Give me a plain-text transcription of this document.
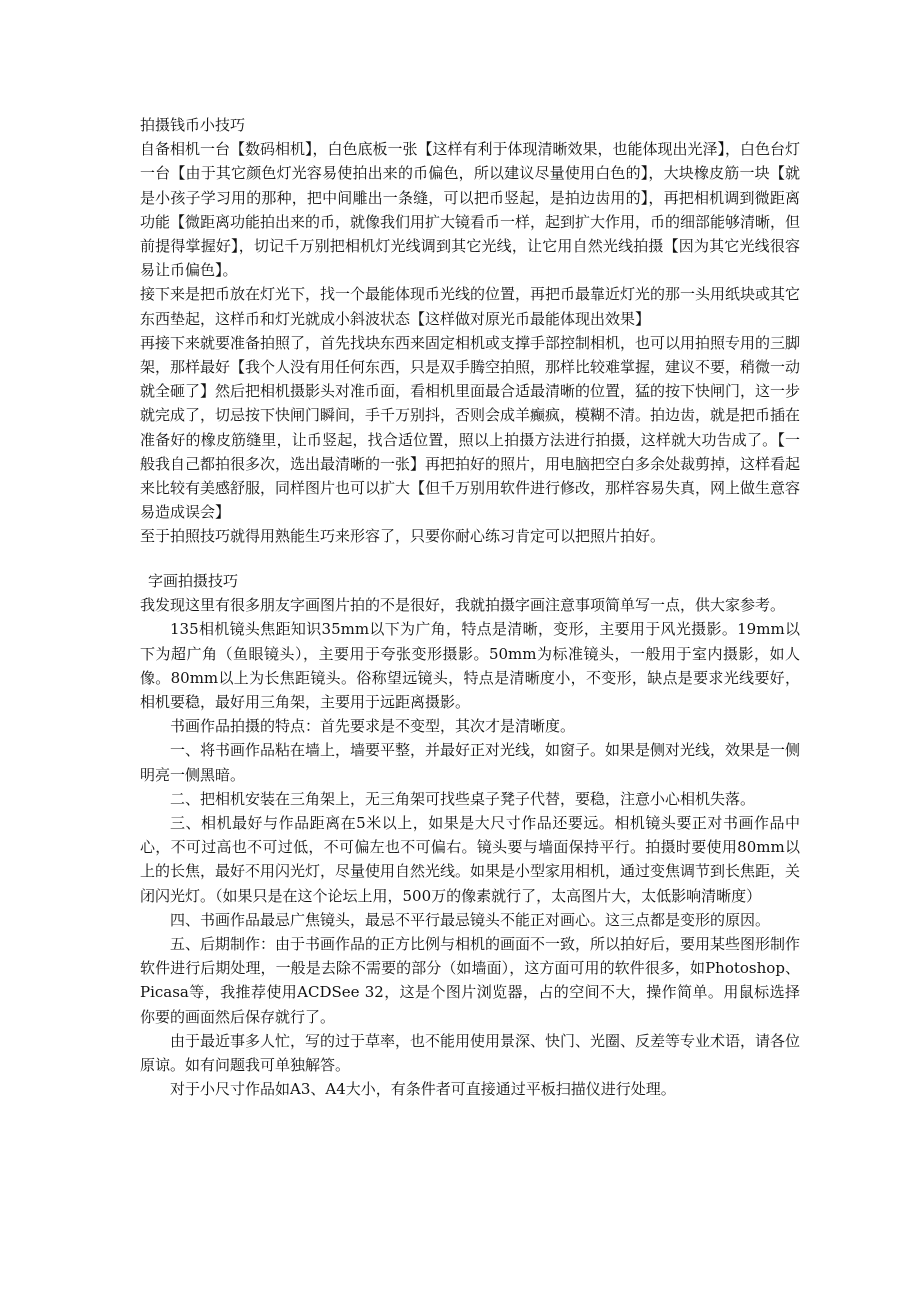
拍摄钱币小技巧

自备相机一台【数码相机】，白色底板一张【这样有利于体现清晰效果，也能体现出光泽】，白色台灯一台【由于其它颜色灯光容易使拍出来的币偏色，所以建议尽量使用白色的】，大块橡皮筋一块【就是小孩子学习用的那种，把中间雕出一条缝，可以把币竖起，是拍边齿用的】，再把相机调到微距离功能【微距离功能拍出来的币，就像我们用扩大镜看币一样，起到扩大作用，币的细部能够清晰，但前提得掌握好】，切记千万别把相机灯光线调到其它光线，让它用自然光线拍摄【因为其它光线很容易让币偏色】。

接下来是把币放在灯光下，找一个最能体现币光线的位置，再把币最靠近灯光的那一头用纸块或其它东西垫起，这样币和灯光就成小斜波状态【这样做对原光币最能体现出效果】

再接下来就要准备拍照了，首先找块东西来固定相机或支撑手部控制相机，也可以用拍照专用的三脚架，那样最好【我个人没有用任何东西，只是双手腾空拍照，那样比较难掌握，建议不要，稍微一动就全砸了】然后把相机摄影头对准币面，看相机里面最合适最清晰的位置，猛的按下快闸门，这一步就完成了，切忌按下快闸门瞬间，手千万别抖，否则会成羊癫疯，模糊不清。拍边齿，就是把币插在准备好的橡皮筋缝里，让币竖起，找合适位置，照以上拍摄方法进行拍摄，这样就大功告成了。【一般我自己都拍很多次，选出最清晰的一张】再把拍好的照片，用电脑把空白多余处裁剪掉，这样看起来比较有美感舒服，同样图片也可以扩大【但千万别用软件进行修改，那样容易失真，网上做生意容易造成误会】

至于拍照技巧就得用熟能生巧来形容了，只要你耐心练习肯定可以把照片拍好。

字画拍摄技巧

我发现这里有很多朋友字画图片拍的不是很好，我就拍摄字画注意事项简单写一点，供大家参考。

135相机镜头焦距知识35mm以下为广角，特点是清晰，变形，主要用于风光摄影。19mm以下为超广角（鱼眼镜头），主要用于夸张变形摄影。50mm为标准镜头，一般用于室内摄影，如人像。80mm以上为长焦距镜头。俗称望远镜头，特点是清晰度小，不变形，缺点是要求光线要好，相机要稳，最好用三角架，主要用于远距离摄影。

书画作品拍摄的特点：首先要求是不变型，其次才是清晰度。

一、将书画作品粘在墙上，墙要平整，并最好正对光线，如窗子。如果是侧对光线，效果是一侧明亮一侧黑暗。

二、把相机安装在三角架上，无三角架可找些桌子凳子代替，要稳，注意小心相机失落。

三、相机最好与作品距离在5米以上，如果是大尺寸作品还要远。相机镜头要正对书画作品中心，不可过高也不可过低，不可偏左也不可偏右。镜头要与墙面保持平行。拍摄时要使用80mm以上的长焦，最好不用闪光灯，尽量使用自然光线。如果是小型家用相机，通过变焦调节到长焦距，关闭闪光灯。（如果只是在这个论坛上用，500万的像素就行了，太高图片大，太低影响清晰度）

四、书画作品最忌广焦镜头，最忌不平行最忌镜头不能正对画心。这三点都是变形的原因。

五、后期制作：由于书画作品的正方比例与相机的画面不一致，所以拍好后，要用某些图形制作软件进行后期处理，一般是去除不需要的部分（如墙面），这方面可用的软件很多，如Photoshop、Picasa等，我推荐使用ACDSee 32，这是个图片浏览器，占的空间不大，操作简单。用鼠标选择你要的画面然后保存就行了。

由于最近事多人忙，写的过于草率，也不能用使用景深、快门、光圈、反差等专业术语，请各位原谅。如有问题我可单独解答。

对于小尺寸作品如A3、A4大小，有条件者可直接通过平板扫描仪进行处理。
